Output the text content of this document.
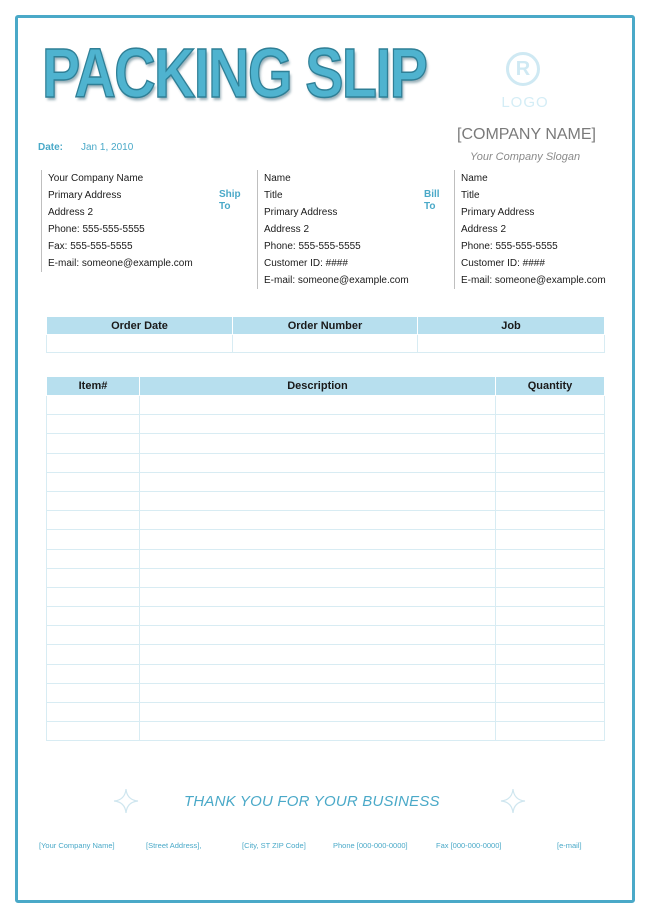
PACKING SLIP	R
LOGO
Date: Jan 1, 2010
[COMPANY NAME]
Your Company Slogan
Your Company Name
Primary Address
Address 2
Phone: 555-555-5555
Fax: 555-555-5555
E-mail: someone@example.com
Ship
To
Name
Title
Primary Address
Address 2
Phone: 555-555-5555
Customer ID: ####
E-mail: someone@example.com
Bill
To
Name
Title
Primary Address
Address 2
Phone: 555-555-5555
Customer ID: ####
E-mail: someone@example.com
Order Date	Order Number	Job

Item#	Description	Quantity

THANK YOU FOR YOUR BUSINESS
[Your Company Name]	[Street Address],	[City, ST ZIP Code]	Phone [000-000-0000]	Fax [000-000-0000]	[e-mail]
